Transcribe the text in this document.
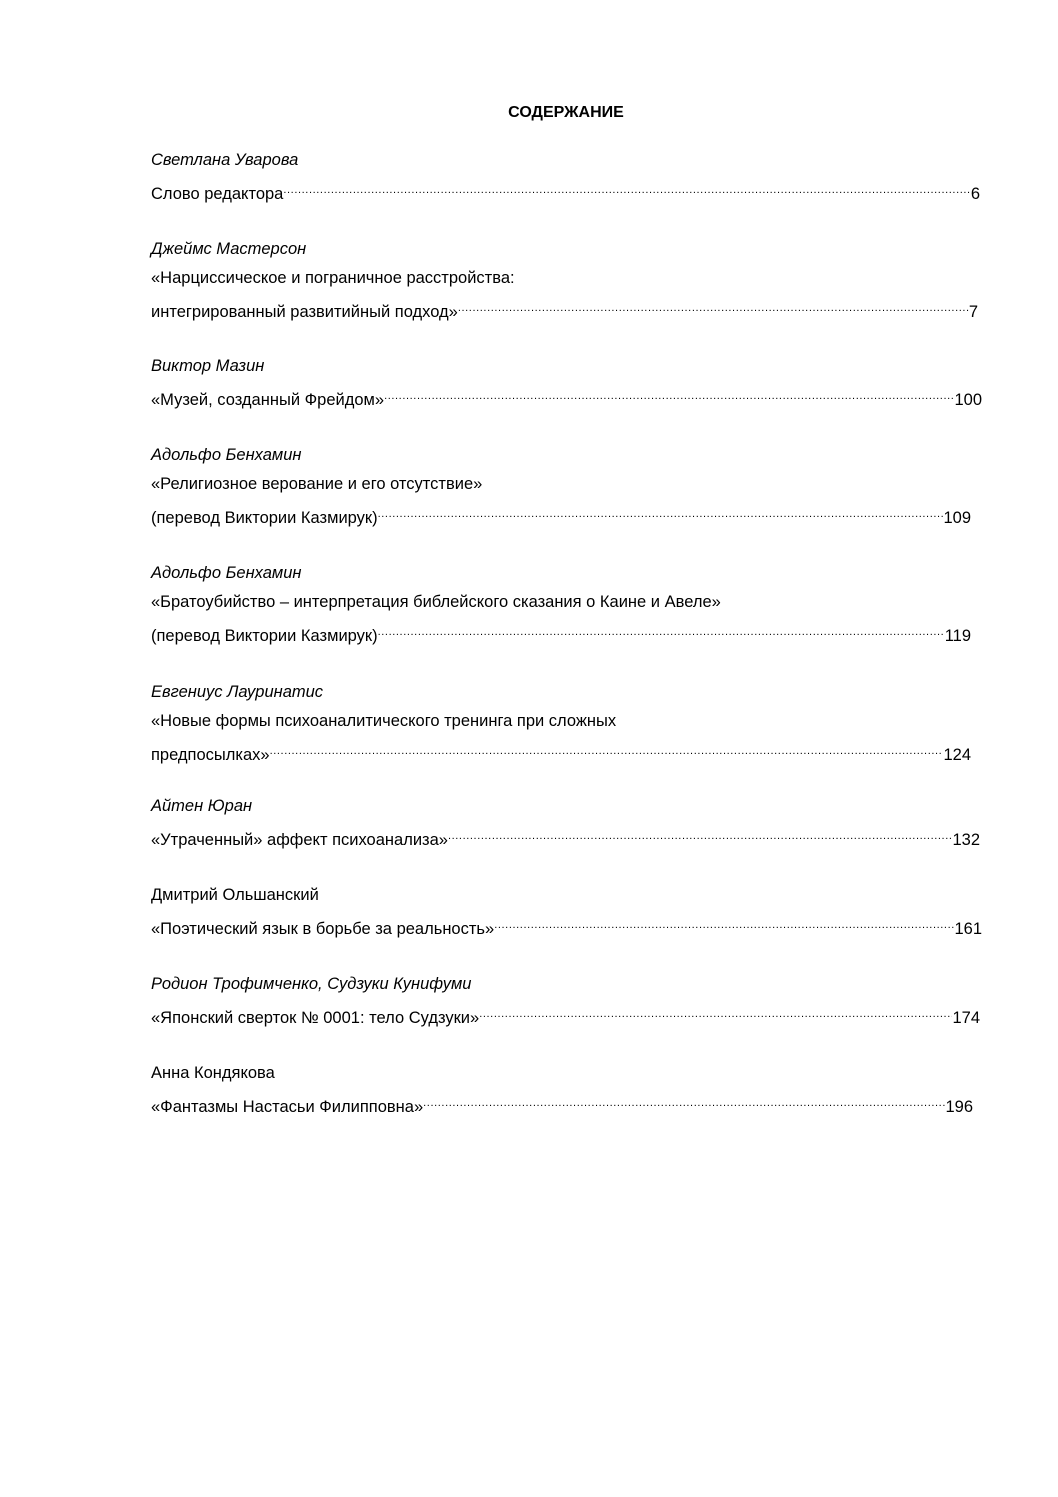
СОДЕРЖАНИЕ
Светлана Уварова
Слово редактора .....	6
Джеймс Мастерсон
«Нарциссическое и пограничное расстройства:
интегрированный развитийный подход» .....	7
Виктор Мазин
«Музей, созданный Фрейдом» .....	100
Адольфо Бенхамин
«Религиозное верование и его отсутствие»
(перевод Виктории Казмирук) .....	109
Адольфо Бенхамин
«Братоубийство – интерпретация библейского сказания о Каине и Авеле»
(перевод Виктории Казмирук) .....	119
Евгениус Лауринатис
«Новые формы психоаналитического тренинга при сложных
предпосылках» .....	124
Айтен Юран
«Утраченный» аффект психоанализа» .....	132
Дмитрий Ольшанский
«Поэтический язык в борьбе за реальность» .....	161
Родион Трофимченко, Судзуки Кунифуми
«Японский сверток № 0001: тело Судзуки» .....	174
Анна Кондякова
«Фантазмы Настасьи Филипповна» .....	196
